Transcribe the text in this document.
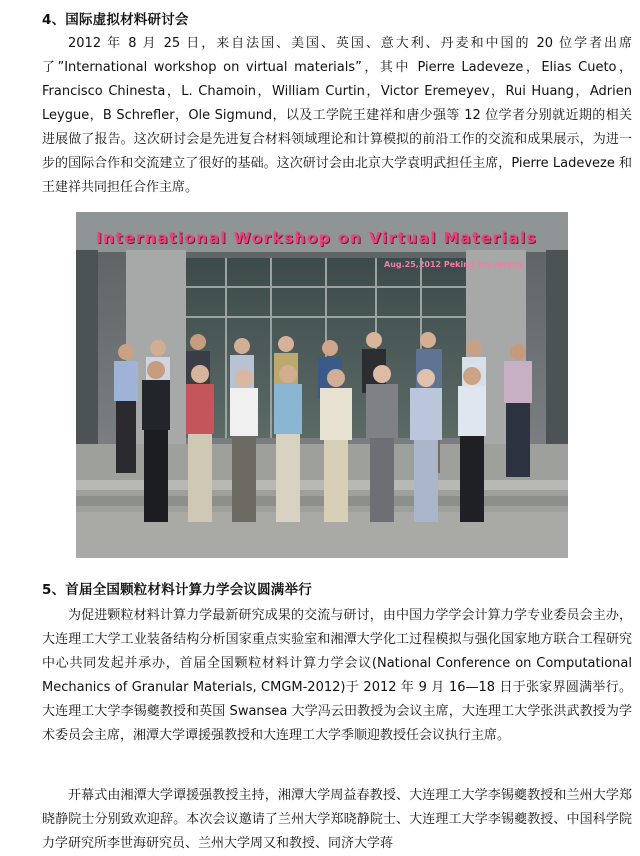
4、国际虚拟材料研讨会

2012 年 8 月 25 日，来自法国、美国、英国、意大利、丹麦和中国的 20 位学者出席了”International workshop on virtual materials”，其中 Pierre Ladeveze，Elias Cueto，Francisco Chinesta，L. Chamoin，William Curtin，Victor Eremeyev，Rui Huang，Adrien Leygue，B Schrefler，Ole Sigmund，以及工学院王建祥和唐少强等 12 位学者分别就近期的相关进展做了报告。这次研讨会是先进复合材料领域理论和计算模拟的前沿工作的交流和成果展示，为进一步的国际合作和交流建立了很好的基础。这次研讨会由北京大学袁明武担任主席，Pierre Ladeveze 和王建祥共同担任合作主席。

International Workshop on Virtual Materials
Aug.25,2012 Peking University
5、首届全国颗粒材料计算力学会议圆满举行

为促进颗粒材料计算力学最新研究成果的交流与研讨，由中国力学学会计算力学专业委员会主办，大连理工大学工业装备结构分析国家重点实验室和湘潭大学化工过程模拟与强化国家地方联合工程研究中心共同发起并承办，首届全国颗粒材料计算力学会议(National Conference on Computational Mechanics of Granular Materials, CMGM-2012)于 2012 年 9 月 16—18 日于张家界圆满举行。大连理工大学李锡夔教授和英国 Swansea 大学冯云田教授为会议主席，大连理工大学张洪武教授为学术委员会主席，湘潭大学谭援强教授和大连理工大学季顺迎教授任会议执行主席。

开幕式由湘潭大学谭援强教授主持，湘潭大学周益春教授、大连理工大学李锡夔教授和兰州大学郑晓静院士分别致欢迎辞。本次会议邀请了兰州大学郑晓静院士、大连理工大学李锡夔教授、中国科学院力学研究所李世海研究员、兰州大学周又和教授、同济大学蒋
